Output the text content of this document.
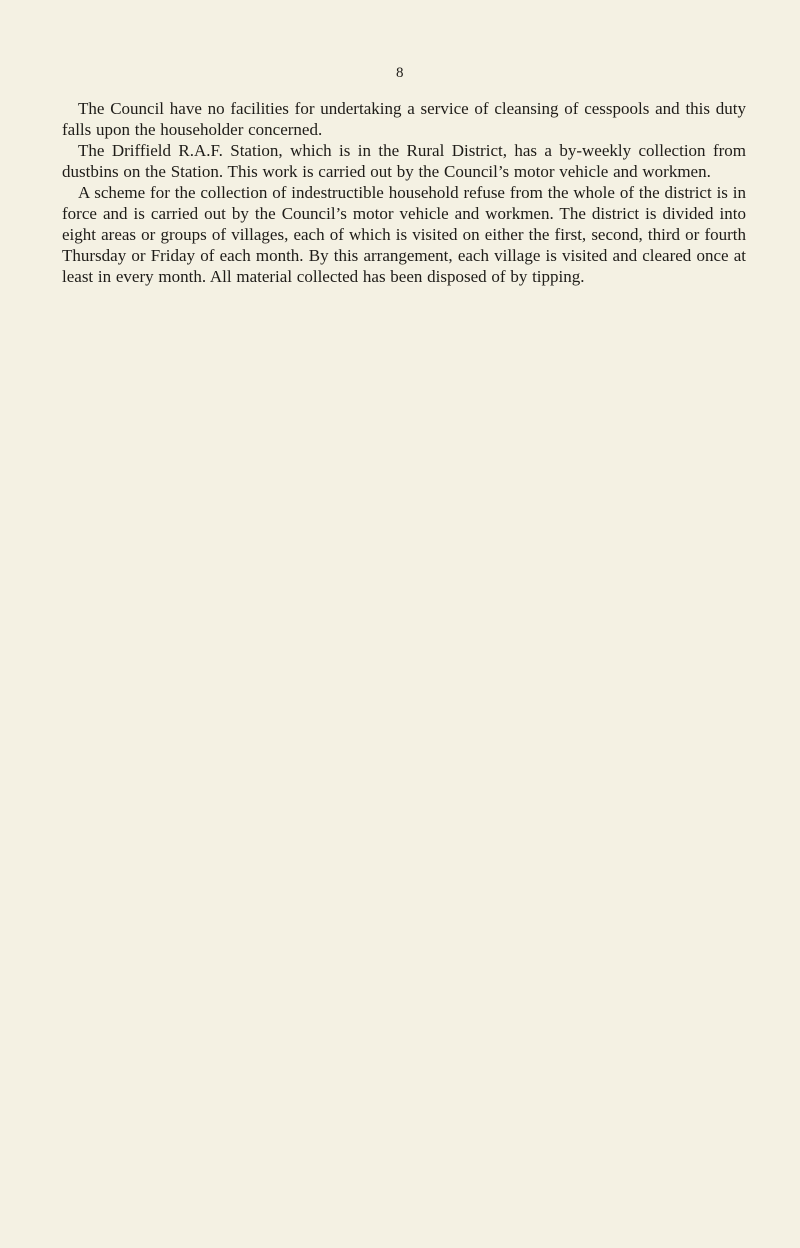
8

The Council have no facilities for undertaking a service of cleansing of cesspools and this duty falls upon the householder concerned.

The Driffield R.A.F. Station, which is in the Rural District, has a by-weekly collection from dustbins on the Station. This work is carried out by the Council’s motor vehicle and workmen.

A scheme for the collection of indestructible household refuse from the whole of the district is in force and is carried out by the Council’s motor vehicle and workmen. The district is divided into eight areas or groups of villages, each of which is visited on either the first, second, third or fourth Thursday or Friday of each month. By this arrangement, each village is visited and cleared once at least in every month. All material collected has been disposed of by tipping.
